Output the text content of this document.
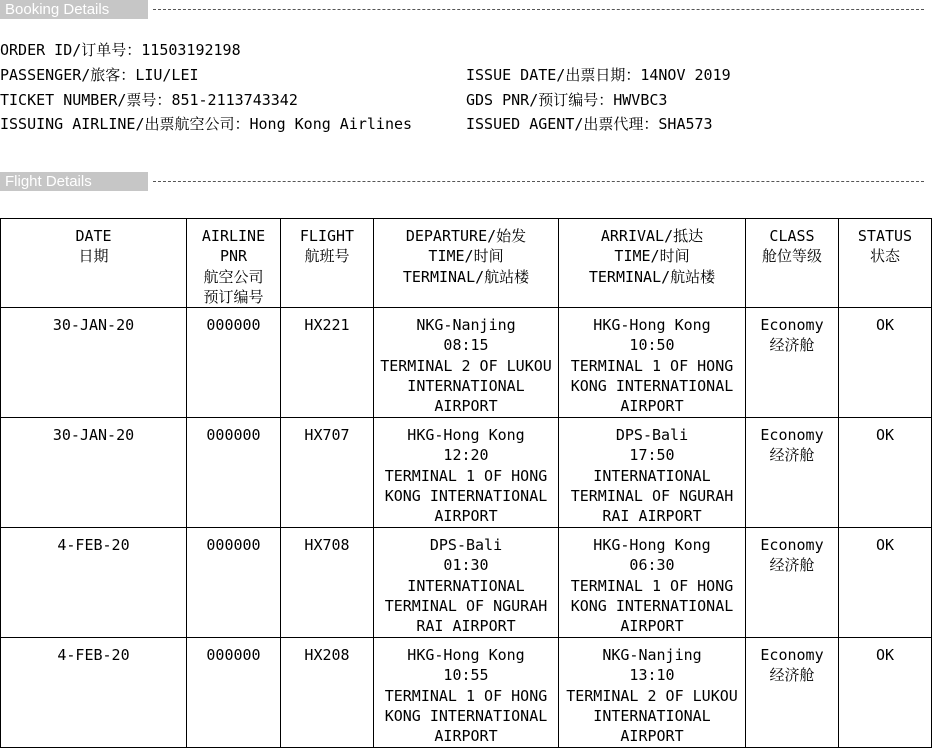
Booking Details
ORDER ID/订单号：11503192198
PASSENGER/旅客：LIU/LEI
TICKET NUMBER/票号：851-2113743342
ISSUING AIRLINE/出票航空公司：Hong Kong Airlines
ISSUE DATE/出票日期：14NOV 2019
GDS PNR/预订编号：HWVBC3
ISSUED AGENT/出票代理：SHA573
Flight Details
DATE
日期	AIRLINE
PNR
航空公司
预订编号	FLIGHT
航班号	DEPARTURE/始发
TIME/时间
TERMINAL/航站楼	ARRIVAL/抵达
TIME/时间
TERMINAL/航站楼	CLASS
舱位等级	STATUS
状态

30-JAN-20	000000	HX221	NKG-Nanjing
08:15
TERMINAL 2 OF LUKOU
INTERNATIONAL
AIRPORT	HKG-Hong Kong
10:50
TERMINAL 1 OF HONG
KONG INTERNATIONAL
AIRPORT	Economy
经济舱	OK
30-JAN-20	000000	HX707	HKG-Hong Kong
12:20
TERMINAL 1 OF HONG
KONG INTERNATIONAL
AIRPORT	DPS-Bali
17:50
INTERNATIONAL
TERMINAL OF NGURAH
RAI AIRPORT	Economy
经济舱	OK
4-FEB-20	000000	HX708	DPS-Bali
01:30
INTERNATIONAL
TERMINAL OF NGURAH
RAI AIRPORT	HKG-Hong Kong
06:30
TERMINAL 1 OF HONG
KONG INTERNATIONAL
AIRPORT	Economy
经济舱	OK
4-FEB-20	000000	HX208	HKG-Hong Kong
10:55
TERMINAL 1 OF HONG
KONG INTERNATIONAL
AIRPORT	NKG-Nanjing
13:10
TERMINAL 2 OF LUKOU
INTERNATIONAL
AIRPORT	Economy
经济舱	OK
